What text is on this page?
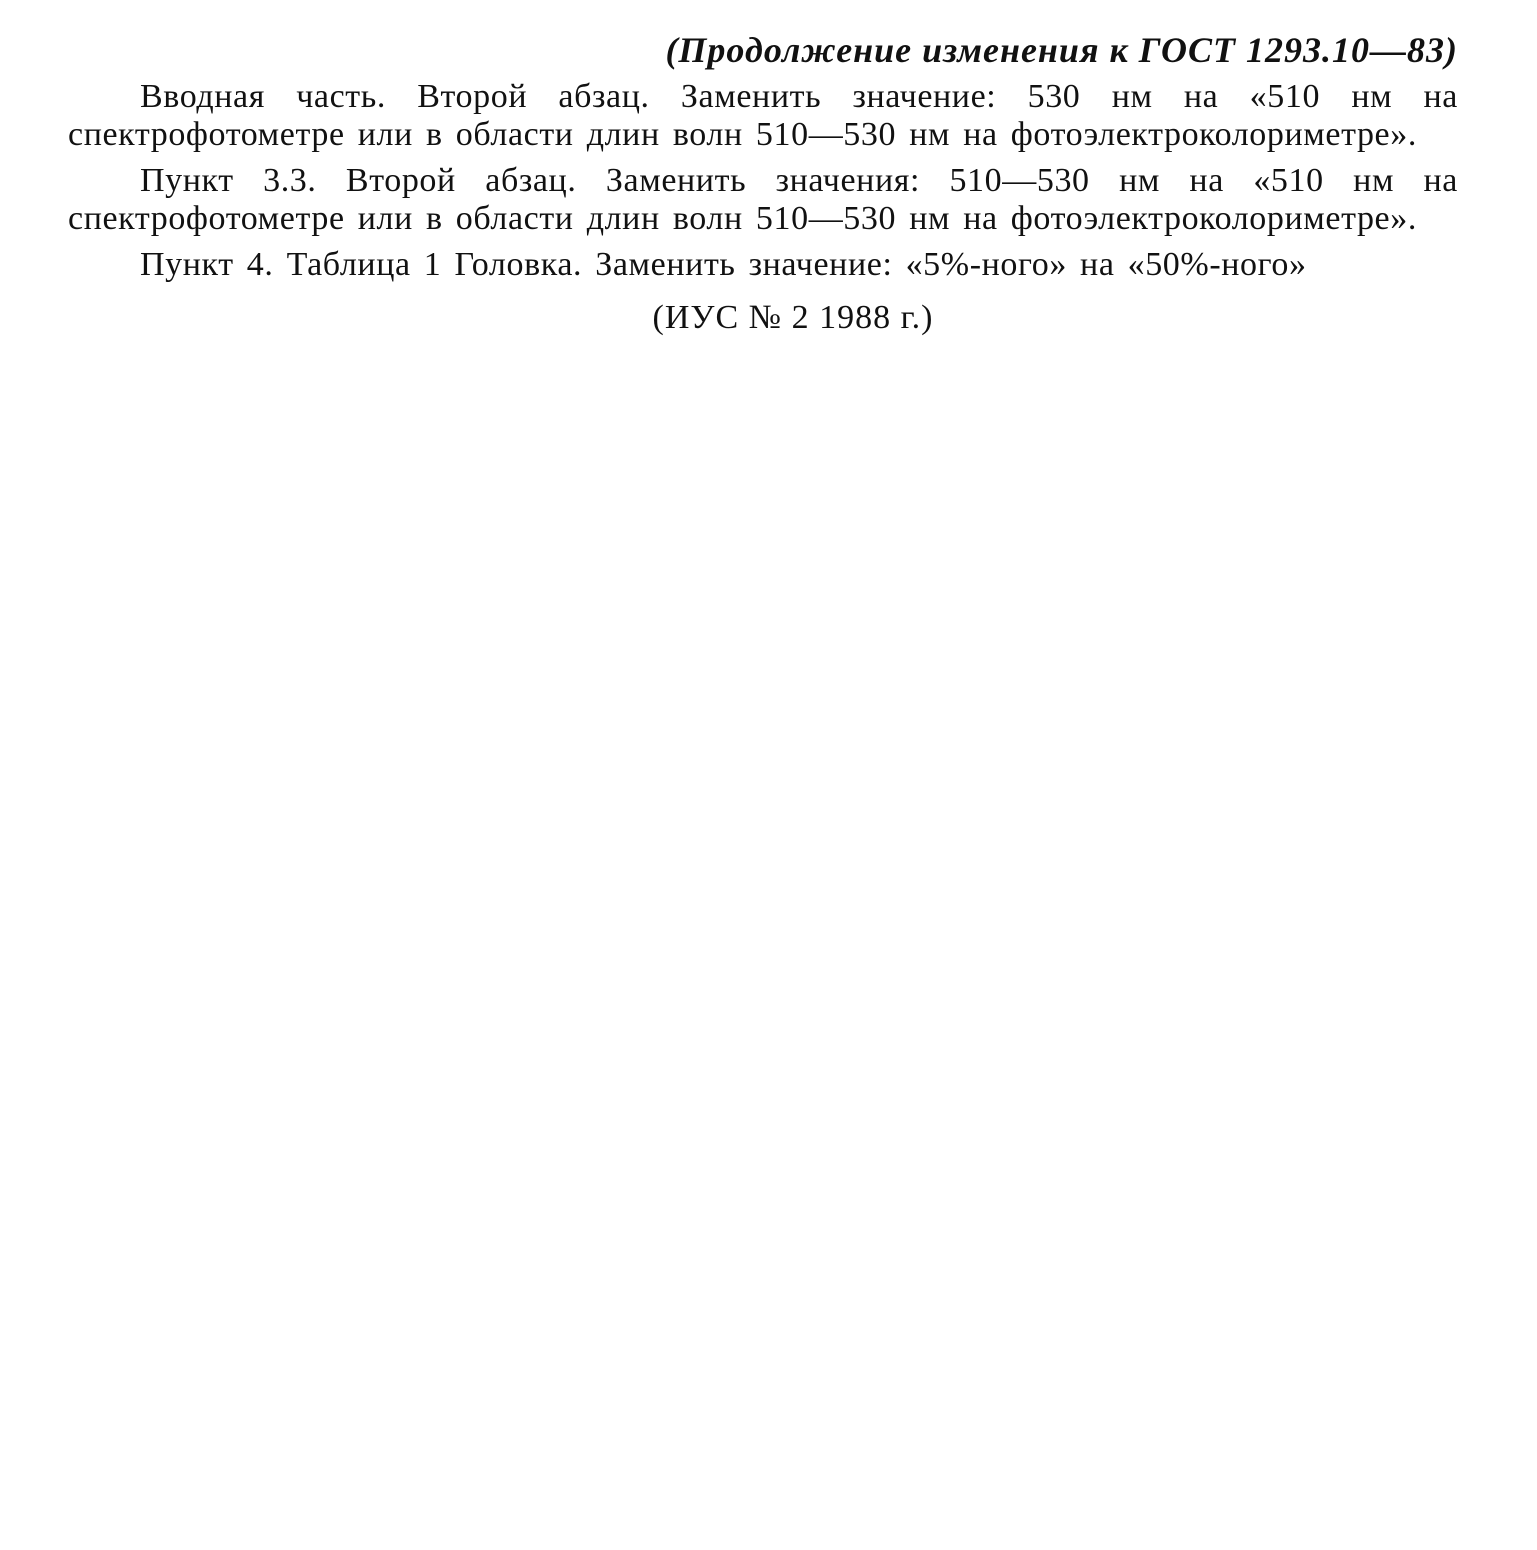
(Продолжение изменения к ГОСТ 1293.10—83)

Вводная часть. Второй абзац. Заменить значение: 530 нм на «510 нм на спектрофотометре или в области длин волн 510—530 нм на фотоэлектроколориметре».

Пункт 3.3. Второй абзац. Заменить значения: 510—530 нм на «510 нм на спектрофотометре или в области длин волн 510—530 нм на фотоэлектроколориметре».

Пункт 4. Таблица 1 Головка. Заменить значение: «5%-ного» на «50%-ного»

(ИУС № 2 1988 г.)
